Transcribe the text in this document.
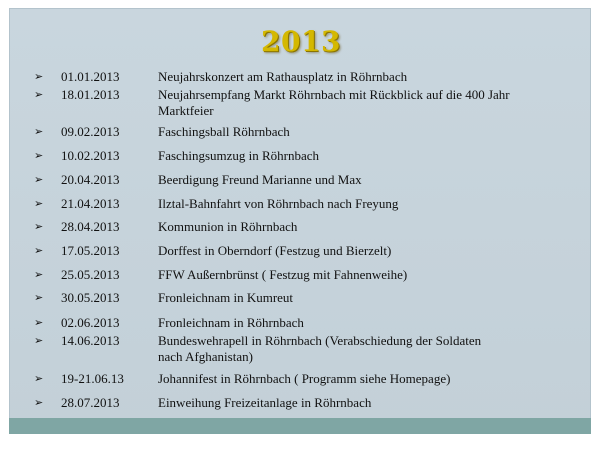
2013
➢ 01.01.2013	Neujahrskonzert am Rathausplatz in Röhrnbach
➢ 18.01.2013	Neujahrsempfang Markt Röhrnbach mit Rückblick auf die 400 Jahr Marktfeier
➢ 09.02.2013	Faschingsball Röhrnbach
➢ 10.02.2013	Faschingsumzug in Röhrnbach
➢ 20.04.2013	Beerdigung Freund Marianne und Max
➢ 21.04.2013	Ilztal-Bahnfahrt von Röhrnbach nach Freyung
➢ 28.04.2013	Kommunion in Röhrnbach
➢ 17.05.2013	Dorffest in Oberndorf (Festzug und Bierzelt)
➢ 25.05.2013	FFW Außernbrünst ( Festzug mit Fahnenweihe)
➢ 30.05.2013	Fronleichnam in Kumreut
➢ 02.06.2013	Fronleichnam in Röhrnbach
➢ 14.06.2013	Bundeswehrapell in Röhrnbach (Verabschiedung der Soldaten nach Afghanistan)
➢ 19-21.06.13	Johannifest in Röhrnbach ( Programm siehe Homepage)
➢ 28.07.2013	Einweihung Freizeitanlage in Röhrnbach
